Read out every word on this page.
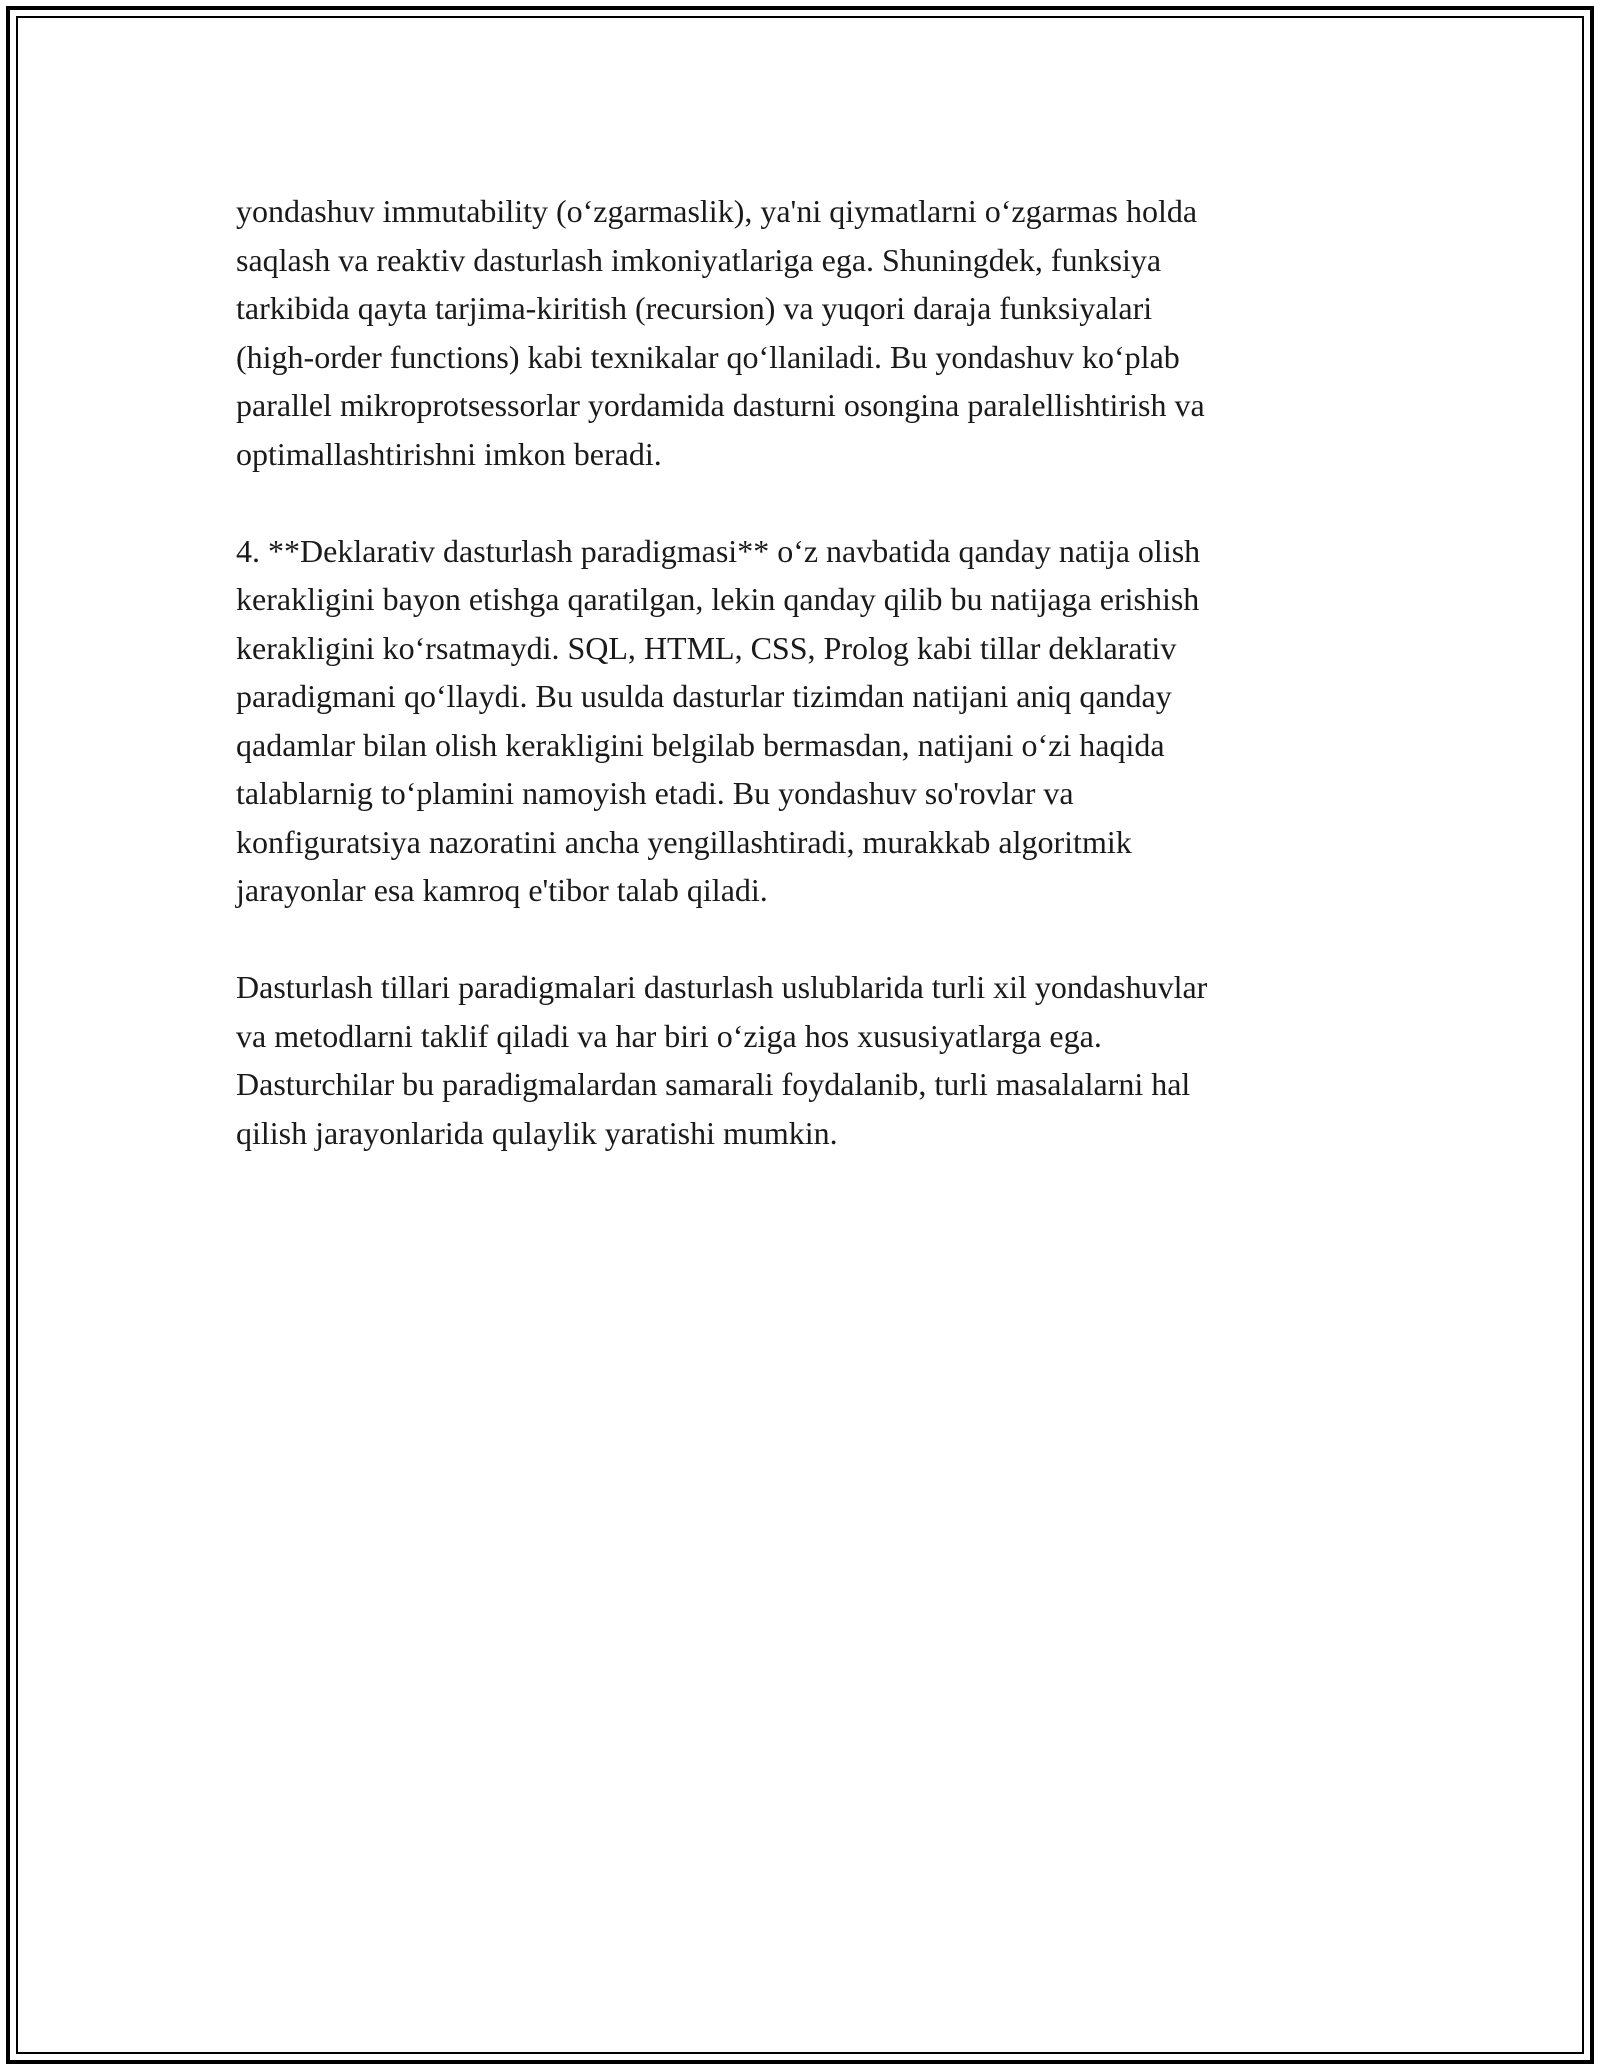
yondashuv immutability (o‘zgarmaslik), ya'ni qiymatlarni o‘zgarmas holda
saqlash va reaktiv dasturlash imkoniyatlariga ega. Shuningdek, funksiya
tarkibida qayta tarjima-kiritish (recursion) va yuqori daraja funksiyalari
(high-order functions) kabi texnikalar qo‘llaniladi. Bu yondashuv ko‘plab
parallel mikroprotsessorlar yordamida dasturni osongina paralellishtirish va
optimallashtirishni imkon beradi.

4. **Deklarativ dasturlash paradigmasi** o‘z navbatida qanday natija olish
kerakligini bayon etishga qaratilgan, lekin qanday qilib bu natijaga erishish
kerakligini ko‘rsatmaydi. SQL, HTML, CSS, Prolog kabi tillar deklarativ
paradigmani qo‘llaydi. Bu usulda dasturlar tizimdan natijani aniq qanday
qadamlar bilan olish kerakligini belgilab bermasdan, natijani o‘zi haqida
talablarnig to‘plamini namoyish etadi. Bu yondashuv so'rovlar va
konfiguratsiya nazoratini ancha yengillashtiradi, murakkab algoritmik
jarayonlar esa kamroq e'tibor talab qiladi.

Dasturlash tillari paradigmalari dasturlash uslublarida turli xil yondashuvlar
va metodlarni taklif qiladi va har biri o‘ziga hos xususiyatlarga ega.
Dasturchilar bu paradigmalardan samarali foydalanib, turli masalalarni hal
qilish jarayonlarida qulaylik yaratishi mumkin.
